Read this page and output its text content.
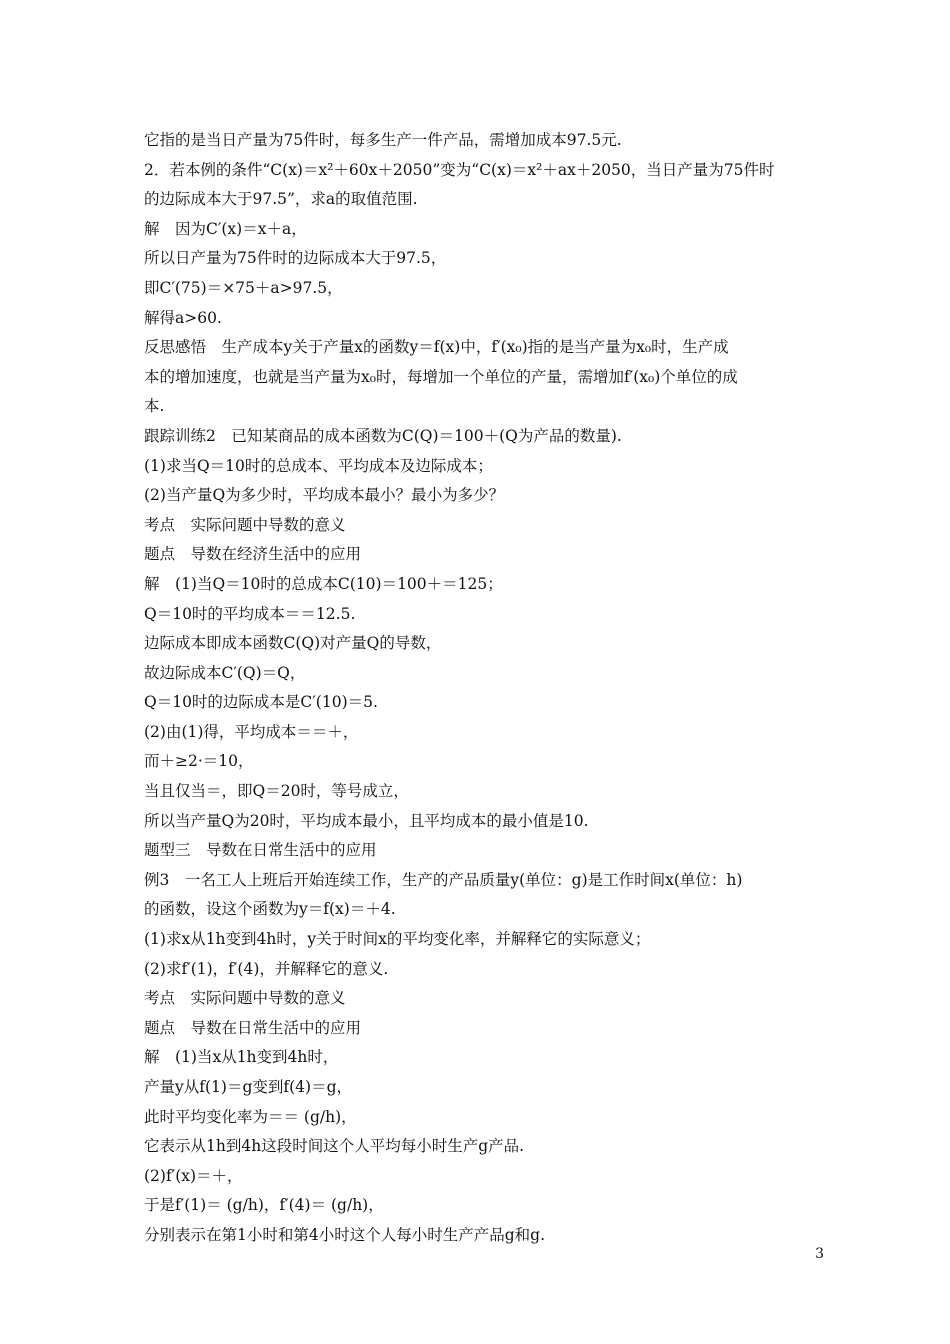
它指的是当日产量为75件时，每多生产一件产品，需增加成本97.5元.
2．若本例的条件“C(x)＝x²＋60x＋2050”变为“C(x)＝x²＋ax＋2050，当日产量为75件时
的边际成本大于97.5”，求a的取值范围.
解　因为C′(x)＝x＋a，
所以日产量为75件时的边际成本大于97.5，
即C′(75)＝×75＋a>97.5，
解得a>60.
反思感悟　生产成本y关于产量x的函数y＝f(x)中，f′(x₀)指的是当产量为x₀时，生产成
本的增加速度，也就是当产量为x₀时，每增加一个单位的产量，需增加f′(x₀)个单位的成
本.
跟踪训练2　已知某商品的成本函数为C(Q)＝100＋(Q为产品的数量).
(1)求当Q＝10时的总成本、平均成本及边际成本；
(2)当产量Q为多少时，平均成本最小？最小为多少？
考点　实际问题中导数的意义
题点　导数在经济生活中的应用
解　(1)当Q＝10时的总成本C(10)＝100＋＝125；
Q＝10时的平均成本＝＝12.5.
边际成本即成本函数C(Q)对产量Q的导数，
故边际成本C′(Q)＝Q，
Q＝10时的边际成本是C′(10)＝5.
(2)由(1)得，平均成本＝＝＋，
而＋≥2·＝10，
当且仅当＝，即Q＝20时，等号成立，
所以当产量Q为20时，平均成本最小，且平均成本的最小值是10.
题型三　导数在日常生活中的应用
例3　一名工人上班后开始连续工作，生产的产品质量y(单位：g)是工作时间x(单位：h)
的函数，设这个函数为y＝f(x)＝＋4.
(1)求x从1h变到4h时，y关于时间x的平均变化率，并解释它的实际意义；
(2)求f′(1)，f′(4)，并解释它的意义.
考点　实际问题中导数的意义
题点　导数在日常生活中的应用
解　(1)当x从1h变到4h时，
产量y从f(1)＝g变到f(4)＝g，
此时平均变化率为＝＝ (g/h)，
它表示从1h到4h这段时间这个人平均每小时生产g产品.
(2)f′(x)＝＋，
于是f′(1)＝ (g/h)，f′(4)＝ (g/h)，
分别表示在第1小时和第4小时这个人每小时生产产品g和g.
3
